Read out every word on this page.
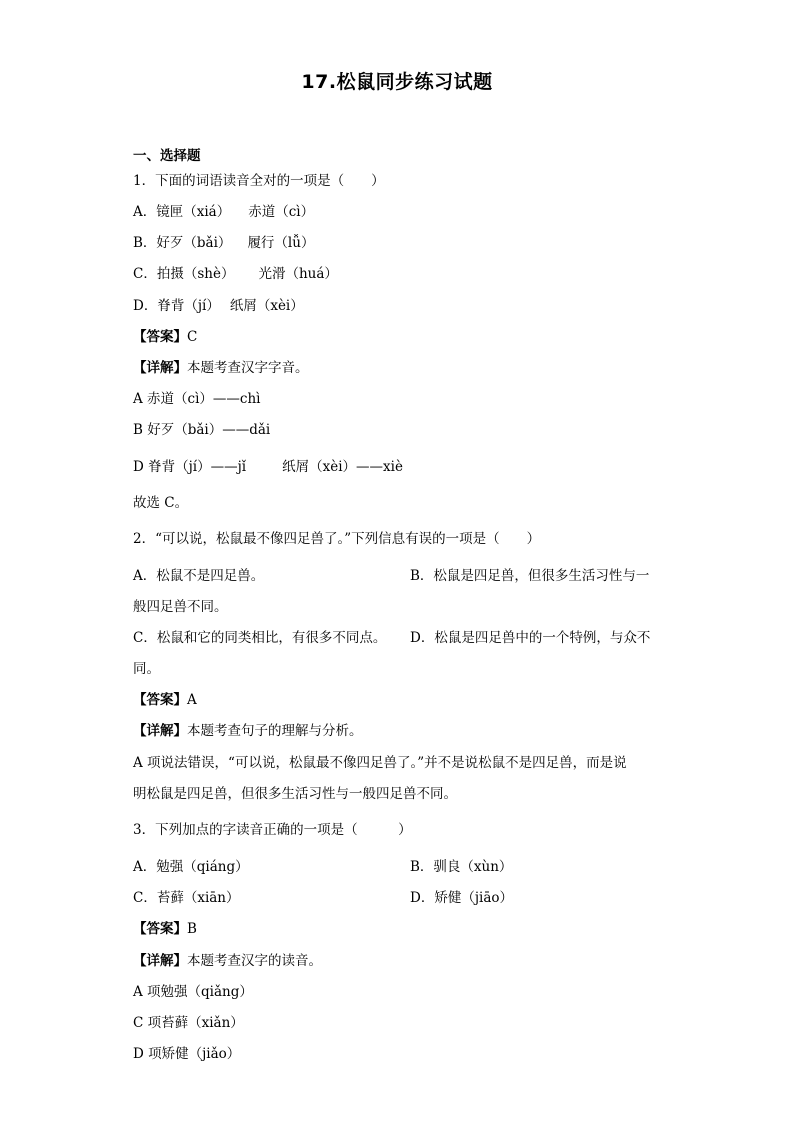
17.松鼠同步练习试题
一、选择题
1．下面的词语读音全对的一项是（　　）
A．镜匣（xiá） 赤道（cì）
B．好歹（bǎi） 履行（lǚ）
C．拍摄（shè） 光滑（huá）
D．脊背（jí） 纸屑（xèi）
【答案】C
【详解】本题考查汉字字音。
A 赤道（cì）——chì
B 好歹（bǎi）——dǎi
D 脊背（jí）——jǐ	纸屑（xèi）——xiè
故选 C。
2．“可以说，松鼠最不像四足兽了。”下列信息有误的一项是（　　）
A．松鼠不是四足兽。	B．松鼠是四足兽，但很多生活习性与一
般四足兽不同。
C．松鼠和它的同类相比，有很多不同点。 D．松鼠是四足兽中的一个特例，与众不
同。
【答案】A
【详解】本题考查句子的理解与分析。
A 项说法错误，“可以说，松鼠最不像四足兽了。”并不是说松鼠不是四足兽，而是说
明松鼠是四足兽，但很多生活习性与一般四足兽不同。
3．下列加点的字读音正确的一项是（　　　）
A．勉强（qiáng）	B．驯良（xùn）
C．苔藓（xiān）	D．矫健（jiāo）
【答案】B
【详解】本题考查汉字的读音。
A 项勉强（qiǎng）
C 项苔藓（xiǎn）
D 项矫健（jiǎo）
